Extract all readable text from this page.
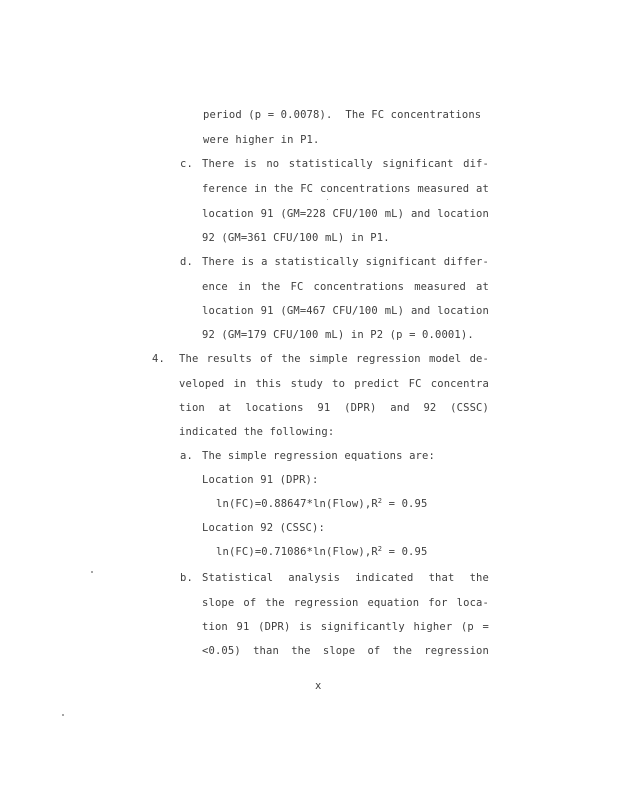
period (p = 0.0078).  The FC concentrations
were higher in P1.
c. There is no statistically significant dif-
ference in the FC concentrations measured at
location 91 (GM=228 CFU/100 mL) and location
92 (GM=361 CFU/100 mL) in P1.
d. There is a statistically significant differ-
ence in the FC concentrations measured at
location 91 (GM=467 CFU/100 mL) and location
92 (GM=179 CFU/100 mL) in P2 (p = 0.0001).
4. The results of the simple regression model de-
veloped in this study to predict FC concentra
tion at locations 91 (DPR) and 92 (CSSC)
indicated the following:
a. The simple regression equations are:
Location 91 (DPR):
$\ln(FC)=0.88647*\ln(Flow),R^2 = 0.95$
Location 92 (CSSC):
$\ln(FC)=0.71086*\ln(Flow),R^2 = 0.95$
b. Statistical analysis indicated that the
slope of the regression equation for loca-
tion 91 (DPR) is significantly higher (p =
<0.05) than the slope of the regression
x
